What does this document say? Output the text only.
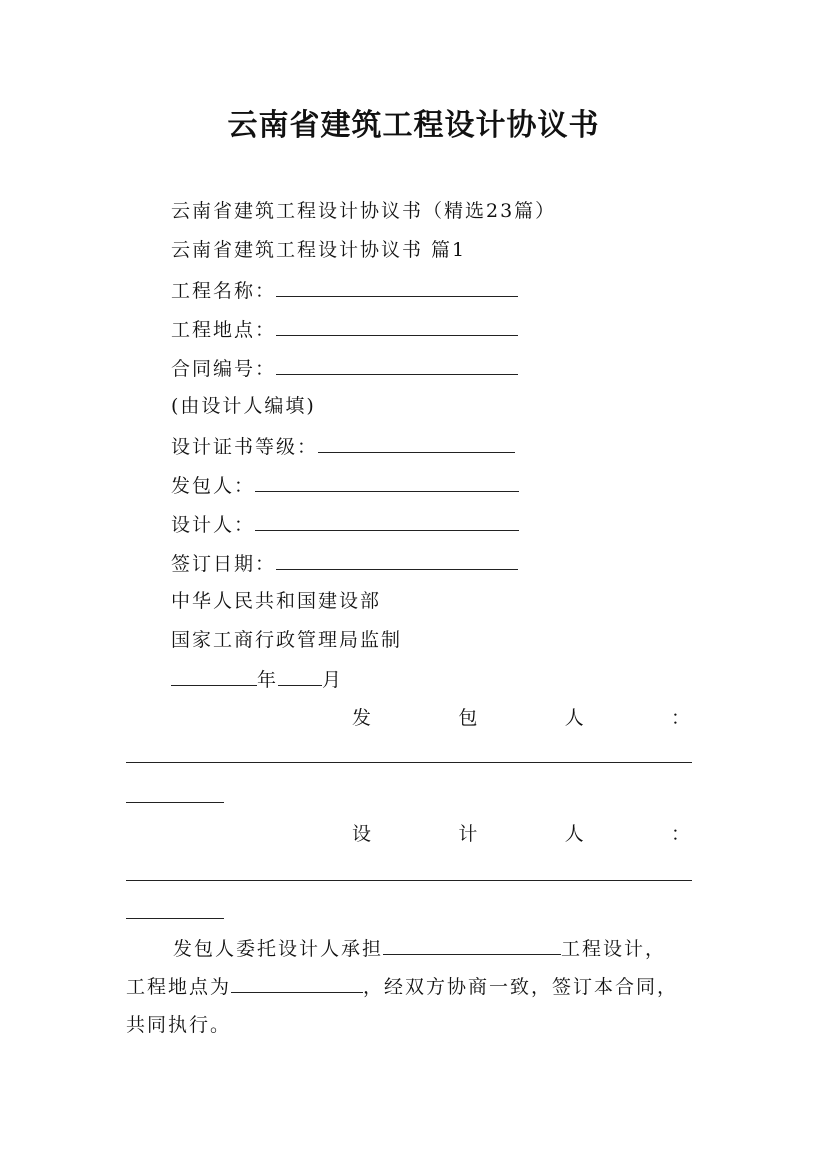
云南省建筑工程设计协议书
云南省建筑工程设计协议书（精选23篇）
云南省建筑工程设计协议书 篇1
工程名称：
工程地点：
合同编号：
(由设计人编填)
设计证书等级：
发包人：
设计人：
签订日期：
中华人民共和国建设部
国家工商行政管理局监制
年 月
发	包	人	：
设	计	人	：
发包人委托设计人承担	工程设计，
工程地点为	，经双方协商一致，签订本合同，
共同执行。
